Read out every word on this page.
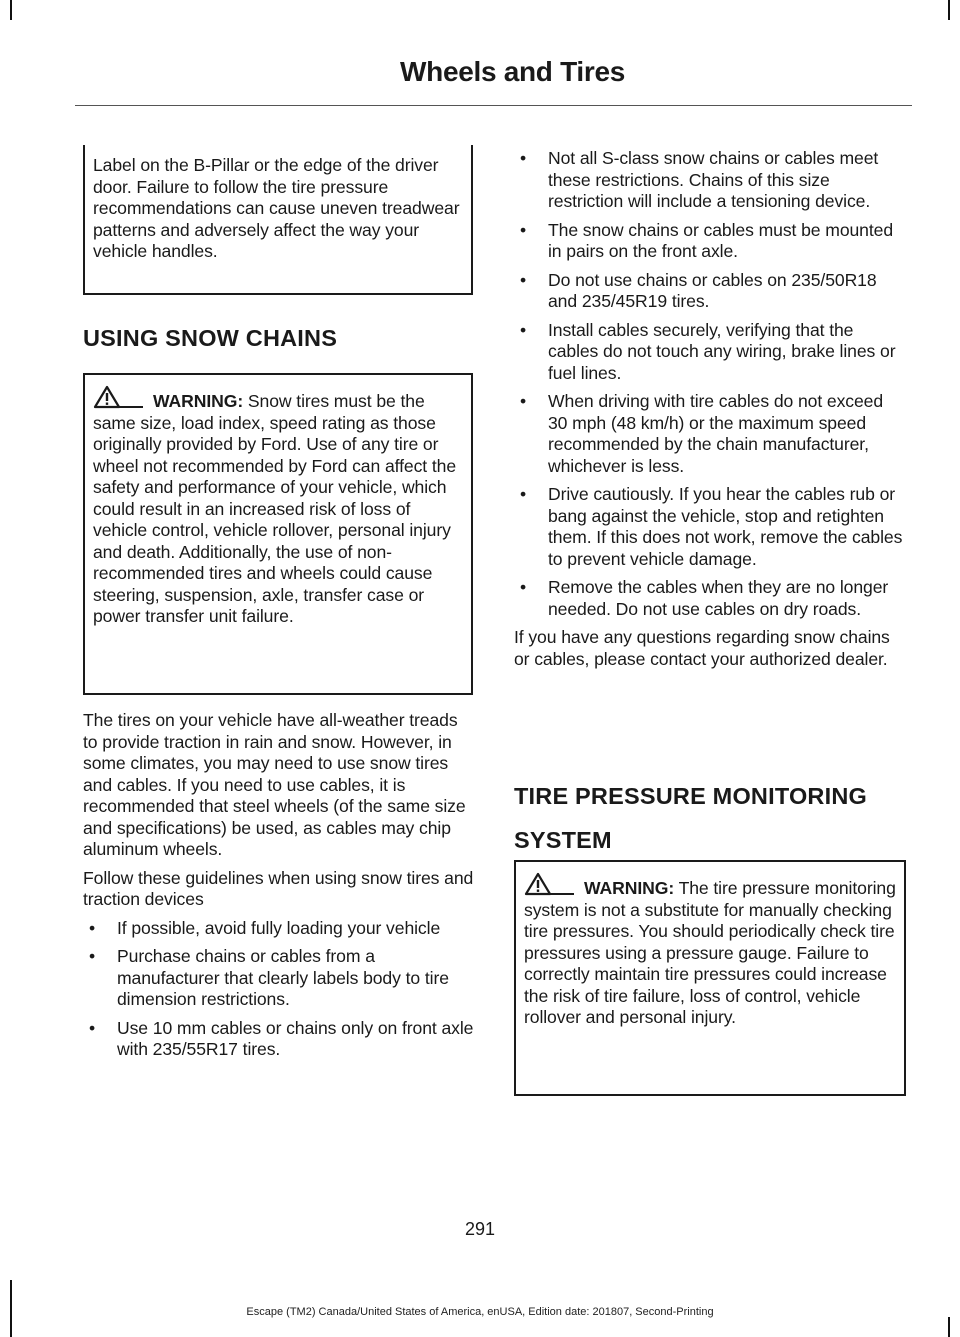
Wheels and Tires

Label on the B-Pillar or the edge of the driver door. Failure to follow the tire pressure recommendations can cause uneven treadwear patterns and adversely affect the way your vehicle handles.

USING SNOW CHAINS

WARNING: Snow tires must be the same size, load index, speed rating as those originally provided by Ford. Use of any tire or wheel not recommended by Ford can affect the safety and performance of your vehicle, which could result in an increased risk of loss of vehicle control, vehicle rollover, personal injury and death. Additionally, the use of non-recommended tires and wheels could cause steering, suspension, axle, transfer case or power transfer unit failure.

The tires on your vehicle have all-weather treads to provide traction in rain and snow. However, in some climates, you may need to use snow tires and cables. If you need to use cables, it is recommended that steel wheels (of the same size and specifications) be used, as cables may chip aluminum wheels.

Follow these guidelines when using snow tires and traction devices

• If possible, avoid fully loading your vehicle
• Purchase chains or cables from a manufacturer that clearly labels body to tire dimension restrictions.
• Use 10 mm cables or chains only on front axle with 235/55R17 tires.
• Not all S-class snow chains or cables meet these restrictions. Chains of this size restriction will include a tensioning device.
• The snow chains or cables must be mounted in pairs on the front axle.
• Do not use chains or cables on 235/50R18 and 235/45R19 tires.
• Install cables securely, verifying that the cables do not touch any wiring, brake lines or fuel lines.
• When driving with tire cables do not exceed 30 mph (48 km/h) or the maximum speed recommended by the chain manufacturer, whichever is less.
• Drive cautiously. If you hear the cables rub or bang against the vehicle, stop and retighten them. If this does not work, remove the cables to prevent vehicle damage.
• Remove the cables when they are no longer needed. Do not use cables on dry roads.

If you have any questions regarding snow chains or cables, please contact your authorized dealer.

TIRE PRESSURE MONITORING
SYSTEM

WARNING: The tire pressure monitoring system is not a substitute for manually checking tire pressures. You should periodically check tire pressures using a pressure gauge. Failure to correctly maintain tire pressures could increase the risk of tire failure, loss of control, vehicle rollover and personal injury.

291
Escape (TM2) Canada/United States of America, enUSA, Edition date: 201807, Second-Printing
